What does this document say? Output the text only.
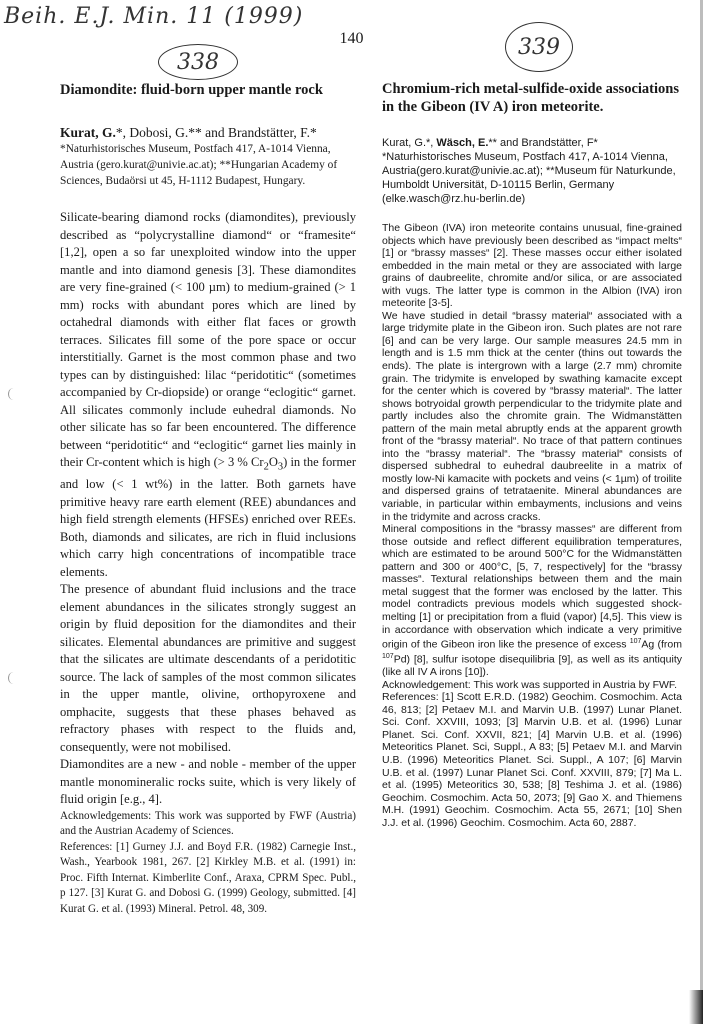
Beih. E.J. Min. 11 (1999)
338
339
140
Diamondite: fluid-born upper mantle rock
Kurat, G.*, Dobosi, G.** and Brandstätter, F.*
*Naturhistorisches Museum, Postfach 417, A-1014 Vienna, Austria (gero.kurat@univie.ac.at); **Hungarian Academy of Sciences, Budaörsi ut 45, H-1112 Budapest, Hungary.

Silicate-bearing diamond rocks (diamondites), previously described as “polycrystalline diamond“ or “framesite“ [1,2], open a so far unexploited window into the upper mantle and into diamond genesis [3]. These diamondites are very fine-grained (< 100 µm) to medium-grained (> 1 mm) rocks with abundant pores which are lined by octahedral diamonds with either flat faces or growth terraces. Silicates fill some of the pore space or occur interstitially. Garnet is the most common phase and two types can by distinguished: lilac “peridotitic“ (sometimes accompanied by Cr-diopside) or orange “eclogitic“ garnet. All silicates commonly include euhedral diamonds. No other silicate has so far been encountered. The difference between “peridotitic“ and “eclogitic“ garnet lies mainly in their Cr-content which is high (> 3 % $Cr_2O_3$) in the former and low (< 1 wt%) in the latter. Both garnets have primitive heavy rare earth element (REE) abundances and high field strength elements (HFSEs) enriched over REEs. Both, diamonds and silicates, are rich in fluid inclusions which carry high concentrations of incompatible trace elements.

The presence of abundant fluid inclusions and the trace element abundances in the silicates strongly suggest an origin by fluid deposition for the diamondites and their silicates. Elemental abundances are primitive and suggest that the silicates are ultimate descendants of a peridotitic source. The lack of samples of the most common silicates in the upper mantle, olivine, orthopyroxene and omphacite, suggests that these phases behaved as refractory phases with respect to the fluids and, consequently, were not mobilised.

Diamondites are a new - and noble - member of the upper mantle monomineralic rocks suite, which is very likely of fluid origin [e.g., 4].

Acknowledgements: This work was supported by FWF (Austria) and the Austrian Academy of Sciences.

References: [1] Gurney J.J. and Boyd F.R. (1982) Carnegie Inst., Wash., Yearbook 1981, 267. [2] Kirkley M.B. et al. (1991) in: Proc. Fifth Internat. Kimberlite Conf., Araxa, CPRM Spec. Publ., p 127. [3] Kurat G. and Dobosi G. (1999) Geology, submitted. [4] Kurat G. et al. (1993) Mineral. Petrol. 48, 309.

Chromium-rich metal-sulfide-oxide associations in the Gibeon (IV A) iron meteorite.
Kurat, G.*, Wäsch, E.** and Brandstätter, F*
*Naturhistorisches Museum, Postfach 417, A-1014 Vienna, Austria(gero.kurat@univie.ac.at); **Museum für Naturkunde, Humboldt Universität, D-10115 Berlin, Germany (elke.wasch@rz.hu-berlin.de)

The Gibeon (IVA) iron meteorite contains unusual, fine-grained objects which have previously been described as “impact melts“ [1] or “brassy masses“ [2]. These masses occur either isolated embedded in the main metal or they are associated with large grains of daubreelite, chromite and/or silica, or are associated with vugs. The latter type is common in the Albion (IVA) iron meteorite [3-5].

We have studied in detail “brassy material“ associated with a large tridymite plate in the Gibeon iron. Such plates are not rare [6] and can be very large. Our sample measures 24.5 mm in length and is 1.5 mm thick at the center (thins out towards the ends). The plate is intergrown with a large (2.7 mm) chromite grain. The tridymite is enveloped by swathing kamacite except for the center which is covered by “brassy material“. The latter shows botryoidal growth perpendicular to the tridymite plate and partly includes also the chromite grain. The Widmanstätten pattern of the main metal abruptly ends at the apparent growth front of the “brassy material“. No trace of that pattern continues into the “brassy material“. The “brassy material“ consists of dispersed subhedral to euhedral daubreelite in a matrix of mostly low-Ni kamacite with pockets and veins (< 1µm) of troilite and dispersed grains of tetrataenite. Mineral abundances are variable, in particular within embayments, inclusions and veins in the tridymite and across cracks.

Mineral compositions in the “brassy masses“ are different from those outside and reflect different equilibration temperatures, which are estimated to be around 500°C for the Widmanstätten pattern and 300 or 400°C, [5, 7, respectively] for the “brassy masses“. Textural relationships between them and the main metal suggest that the former was enclosed by the latter. This model contradicts previous models which suggested shock-melting [1] or precipitation from a fluid (vapor) [4,5]. This view is in accordance with observation which indicate a very primitive origin of the Gibeon iron like the presence of excess $^{107}$Ag (from $^{107}$Pd) [8], sulfur isotope disequilibria [9], as well as its antiquity (like all IV A irons [10]).

Acknowledgement: This work was supported in Austria by FWF.

References: [1] Scott E.R.D. (1982) Geochim. Cosmochim. Acta 46, 813; [2] Petaev M.I. and Marvin U.B. (1997) Lunar Planet. Sci. Conf. XXVIII, 1093; [3] Marvin U.B. et al. (1996) Lunar Planet. Sci. Conf. XXVII, 821; [4] Marvin U.B. et al. (1996) Meteoritics Planet. Sci, Suppl., A 83; [5] Petaev M.I. and Marvin U.B. (1996) Meteoritics Planet. Sci. Suppl., A 107; [6] Marvin U.B. et al. (1997) Lunar Planet Sci. Conf. XXVIII, 879; [7] Ma L. et al. (1995) Meteoritics 30, 538; [8] Teshima J. et al. (1986) Geochim. Cosmochim. Acta 50, 2073; [9] Gao X. and Thiemens M.H. (1991) Geochim. Cosmochim. Acta 55, 2671; [10] Shen J.J. et al. (1996) Geochim. Cosmochim. Acta 60, 2887.
